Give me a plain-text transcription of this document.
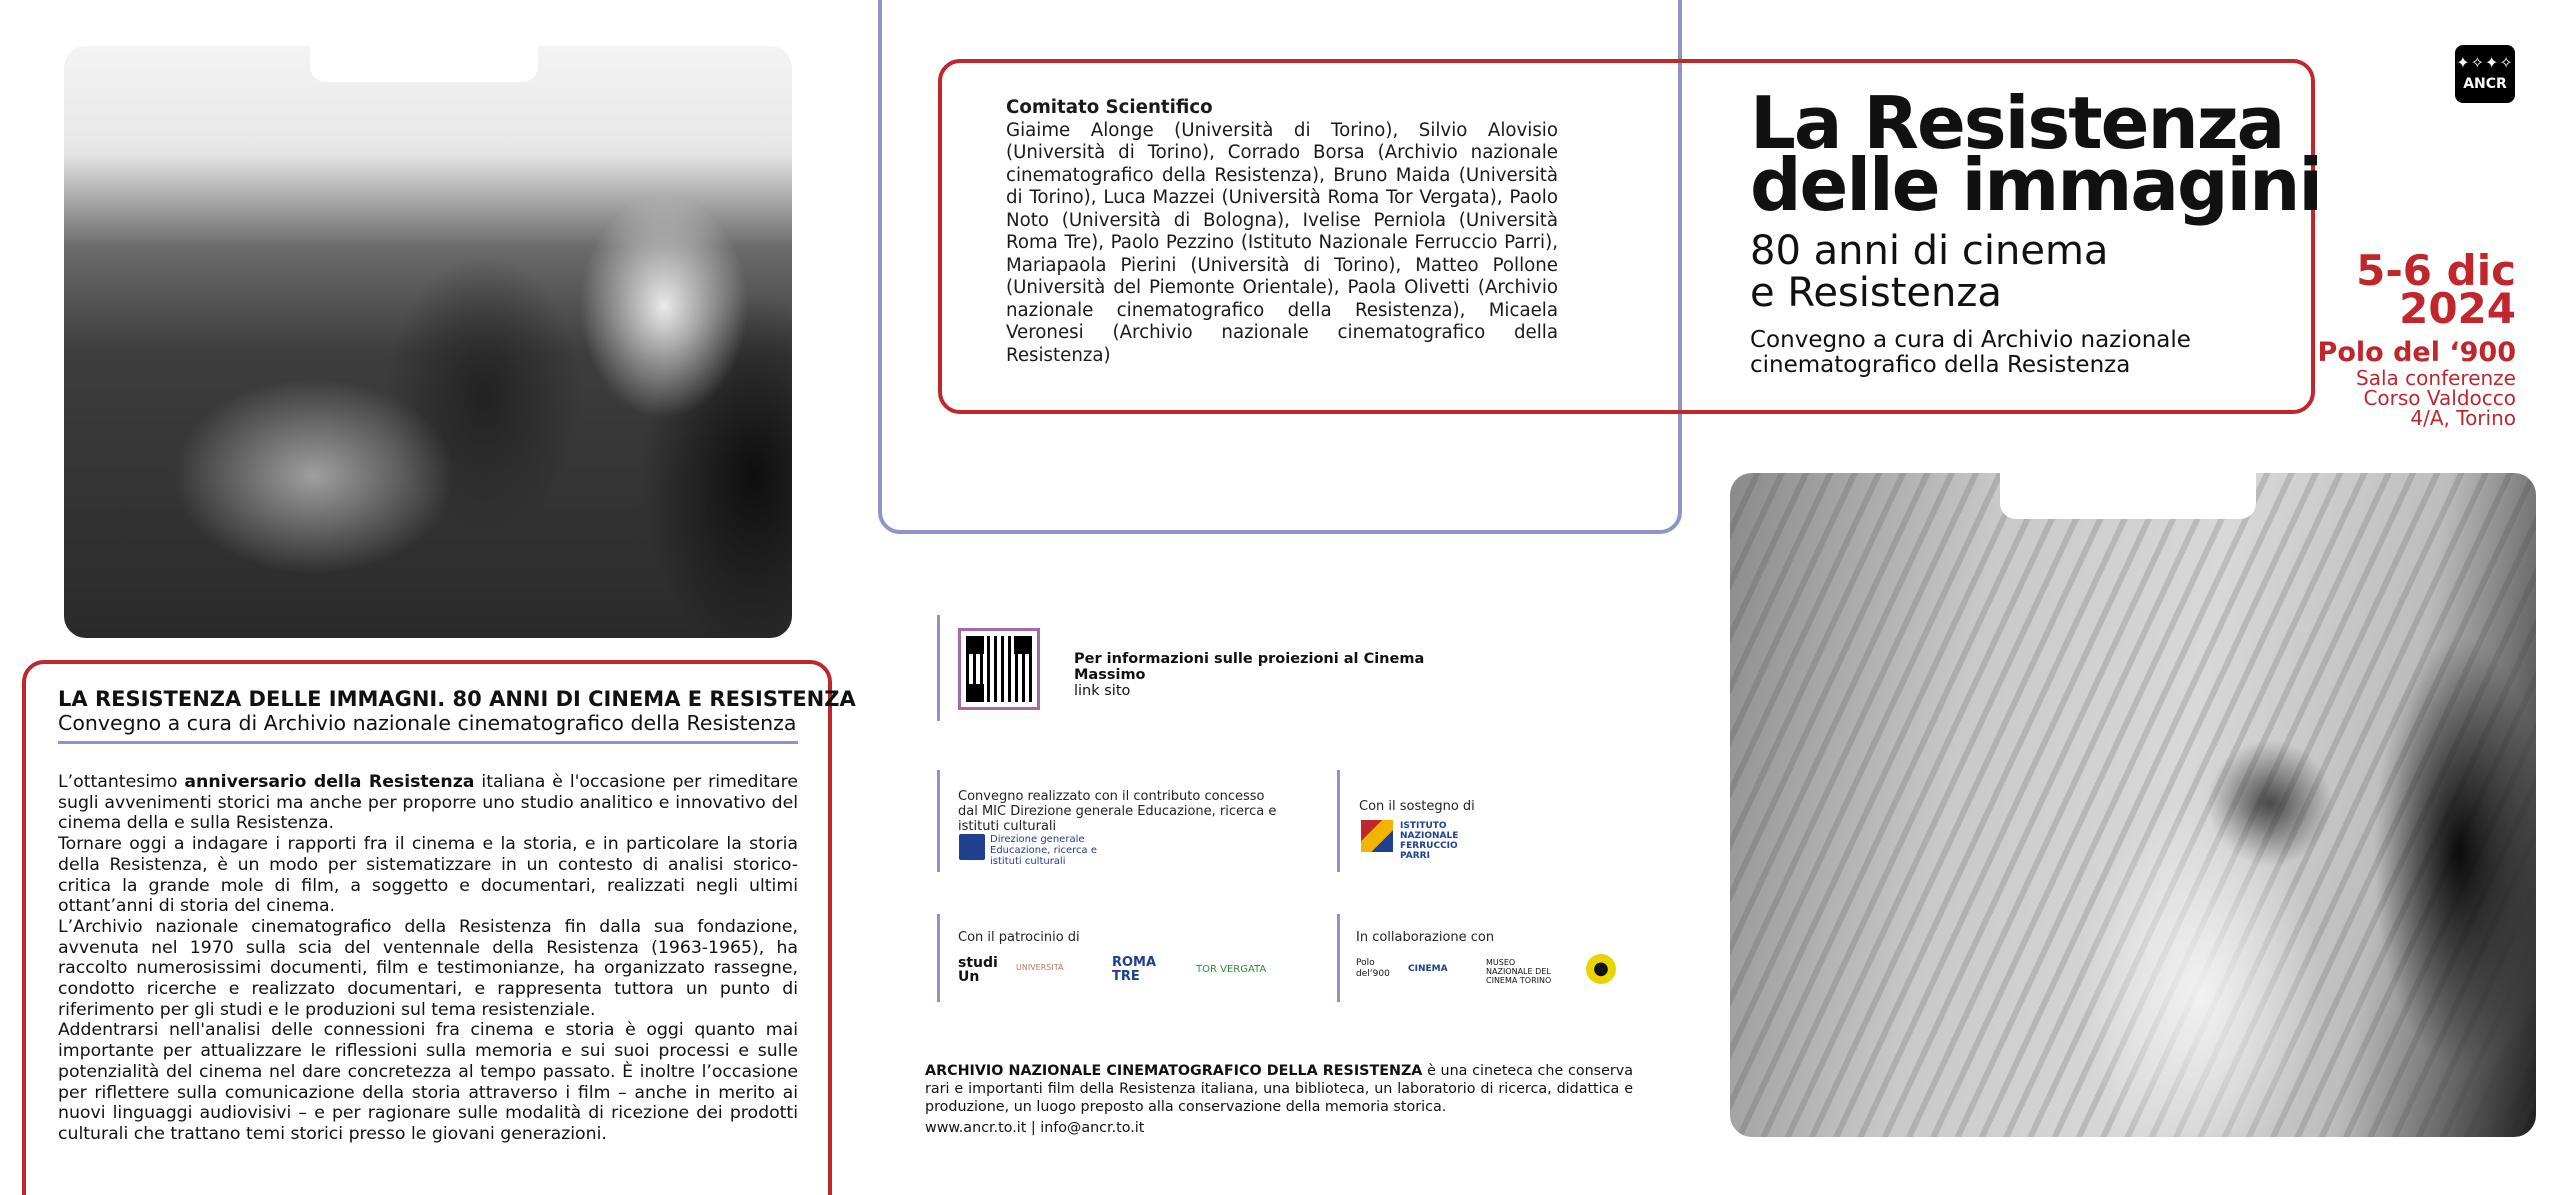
Comitato Scientifico
Giaime Alonge (Università di Torino), Silvio Alovisio (Università di Torino), Corrado Borsa (Archivio nazionale cinematografico della Resistenza), Bruno Maida (Università di Torino), Luca Mazzei (Università Roma Tor Vergata), Paolo Noto (Università di Bologna), Ivelise Perniola (Università Roma Tre), Paolo Pezzino (Istituto Nazionale Ferruccio Parri), Mariapaola Pierini (Università di Torino), Matteo Pollone (Università del Piemonte Orientale), Paola Olivetti (Archivio nazionale cinematografico della Resistenza), Micaela Veronesi (Archivio nazionale cinematografico della Resistenza)
La Resistenza
delle immagini
80 anni di cinema
e Resistenza
Convegno a cura di Archivio nazionale cinematografico della Resistenza
✦✧✦✧
ANCR
5-6 dic
2024
Polo del ‘900
Sala conferenze
Corso Valdocco
4/A, Torino
LA RESISTENZA DELLE IMMAGNI. 80 ANNI DI CINEMA E RESISTENZA
Convegno a cura di Archivio nazionale cinematografico della Resistenza

L’ottantesimo anniversario della Resistenza italiana è l'occasione per rimeditare sugli avvenimenti storici ma anche per proporre uno studio analitico e innovativo del cinema della e sulla Resistenza.

Tornare oggi a indagare i rapporti fra il cinema e la storia, e in particolare la storia della Resistenza, è un modo per sistematizzare in un contesto di analisi storico-critica la grande mole di film, a soggetto e documentari, realizzati negli ultimi ottant’anni di storia del cinema.

L’Archivio nazionale cinematografico della Resistenza fin dalla sua fondazione, avvenuta nel 1970 sulla scia del ventennale della Resistenza (1963-1965), ha raccolto numerosissimi documenti, film e testimonianze, ha organizzato rassegne, condotto ricerche e realizzato documentari, e rappresenta tuttora un punto di riferimento per gli studi e le produzioni sul tema resistenziale.

Addentrarsi nell'analisi delle connessioni fra cinema e storia è oggi quanto mai importante per attualizzare le riflessioni sulla memoria e sui suoi processi e sulle potenzialità del cinema nel dare concretezza al tempo passato. È inoltre l’occasione per riflettere sulla comunicazione della storia attraverso i film – anche in merito ai nuovi linguaggi audiovisivi – e per ragionare sulle modalità di ricezione dei prodotti culturali che trattano temi storici presso le giovani generazioni.

Per informazioni sulle proiezioni al Cinema Massimo
link sito
Convegno realizzato con il contributo concesso dal MIC Direzione generale Educazione, ricerca e istituti culturali
Direzione generale Educazione, ricerca e istituti culturali
Con il sostegno di
ISTITUTO NAZIONALE FERRUCCIO PARRI
Con il patrocinio di
studi Un
UNIVERSITÀ	ROMA TRE	TOR VERGATA
In collaborazione con
Polo del‘900 CINEMA
MUSEO NAZIONALE DEL CINEMA TORINO
●
ARCHIVIO NAZIONALE CINEMATOGRAFICO DELLA RESISTENZA è una cineteca che conserva rari e importanti film della Resistenza italiana, una biblioteca, un laboratorio di ricerca, didattica e produzione, un luogo preposto alla conservazione della memoria storica.
www.ancr.to.it | info@ancr.to.it
